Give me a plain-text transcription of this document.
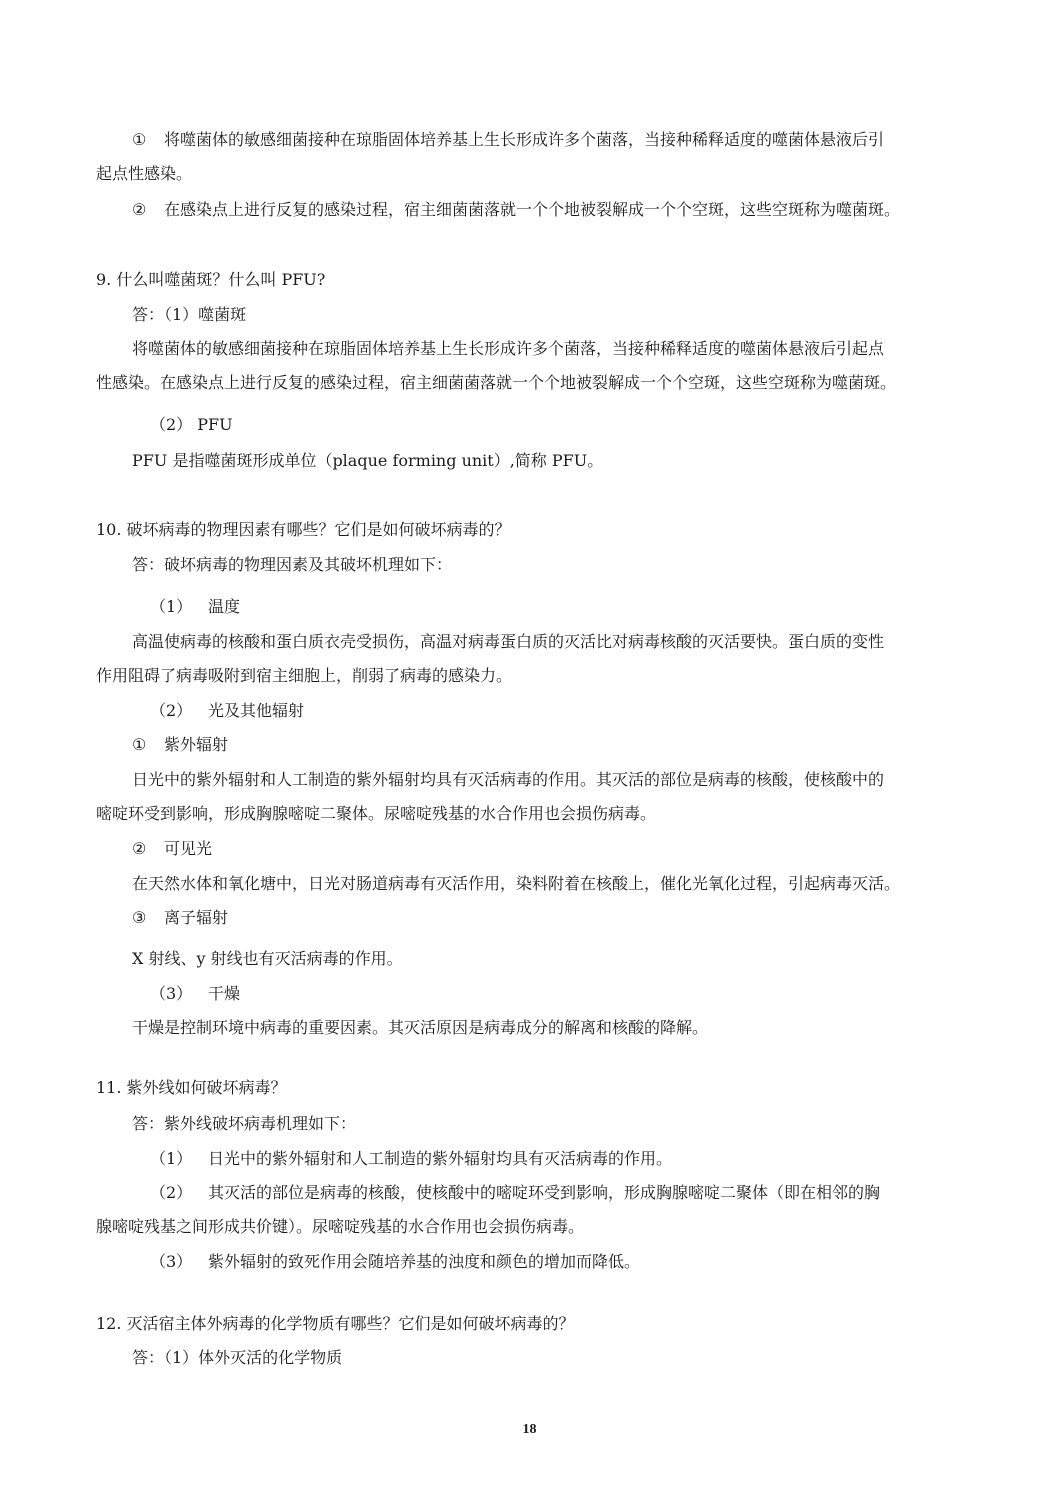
① 将噬菌体的敏感细菌接种在琼脂固体培养基上生长形成许多个菌落，当接种稀释适度的噬菌体悬液后引
起点性感染。
② 在感染点上进行反复的感染过程，宿主细菌菌落就一个个地被裂解成一个个空斑，这些空斑称为噬菌斑。
9. 什么叫噬菌斑？什么叫 PFU?
答：（1）噬菌斑
将噬菌体的敏感细菌接种在琼脂固体培养基上生长形成许多个菌落，当接种稀释适度的噬菌体悬液后引起点
性感染。在感染点上进行反复的感染过程，宿主细菌菌落就一个个地被裂解成一个个空斑，这些空斑称为噬菌斑。
（2） PFU
PFU 是指噬菌斑形成单位（plaque forming unit）,简称 PFU。
10. 破坏病毒的物理因素有哪些？它们是如何破坏病毒的？
答：破坏病毒的物理因素及其破坏机理如下：
（1） 温度
高温使病毒的核酸和蛋白质衣壳受损伤，高温对病毒蛋白质的灭活比对病毒核酸的灭活要快。蛋白质的变性
作用阻碍了病毒吸附到宿主细胞上，削弱了病毒的感染力。
（2） 光及其他辐射
① 紫外辐射
日光中的紫外辐射和人工制造的紫外辐射均具有灭活病毒的作用。其灭活的部位是病毒的核酸，使核酸中的
嘧啶环受到影响，形成胸腺嘧啶二聚体。尿嘧啶残基的水合作用也会损伤病毒。
② 可见光
在天然水体和氧化塘中，日光对肠道病毒有灭活作用，染料附着在核酸上，催化光氧化过程，引起病毒灭活。
③ 离子辐射
X 射线、y 射线也有灭活病毒的作用。
（3） 干燥
干燥是控制环境中病毒的重要因素。其灭活原因是病毒成分的解离和核酸的降解。
11. 紫外线如何破坏病毒？
答：紫外线破坏病毒机理如下：
（1） 日光中的紫外辐射和人工制造的紫外辐射均具有灭活病毒的作用。
（2） 其灭活的部位是病毒的核酸，使核酸中的嘧啶环受到影响，形成胸腺嘧啶二聚体（即在相邻的胸
腺嘧啶残基之间形成共价键）。尿嘧啶残基的水合作用也会损伤病毒。
（3） 紫外辐射的致死作用会随培养基的浊度和颜色的增加而降低。
12. 灭活宿主体外病毒的化学物质有哪些？它们是如何破坏病毒的？
答：（1）体外灭活的化学物质
18
